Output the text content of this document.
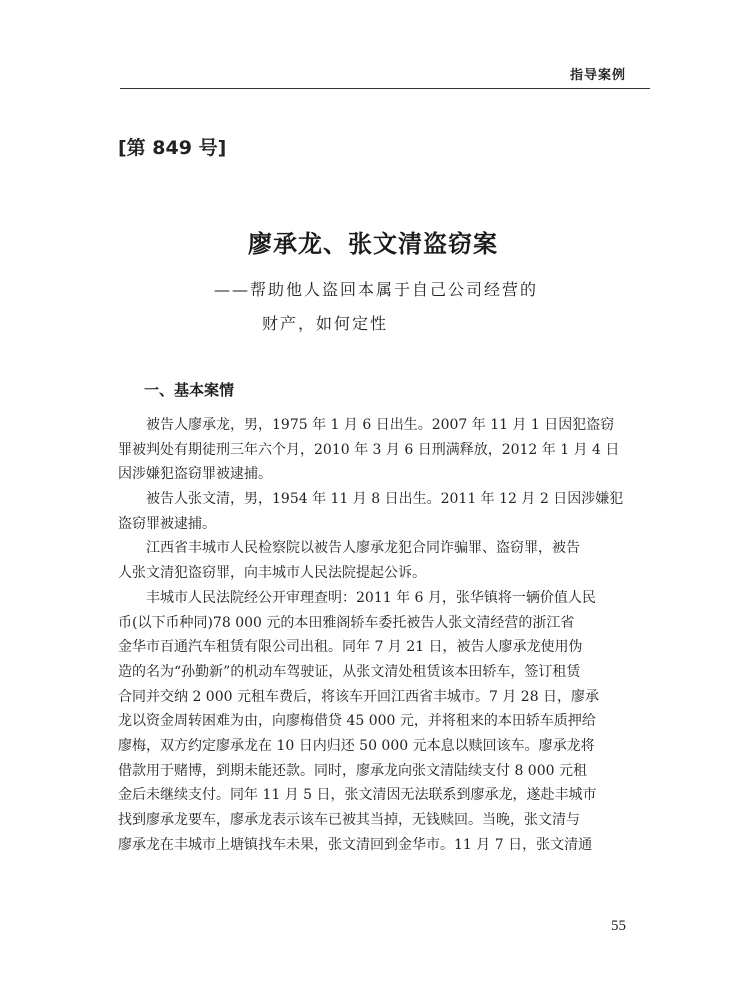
指导案例
[第 849 号]
廖承龙、张文清盗窃案
——帮助他人盗回本属于自己公司经营的
财产，如何定性
一、基本案情
被告人廖承龙，男，1975 年 1 月 6 日出生。2007 年 11 月 1 日因犯盗窃
罪被判处有期徒刑三年六个月，2010 年 3 月 6 日刑满释放，2012 年 1 月 4 日
因涉嫌犯盗窃罪被逮捕。
被告人张文清，男，1954 年 11 月 8 日出生。2011 年 12 月 2 日因涉嫌犯
盗窃罪被逮捕。
江西省丰城市人民检察院以被告人廖承龙犯合同诈骗罪、盗窃罪，被告
人张文清犯盗窃罪，向丰城市人民法院提起公诉。
丰城市人民法院经公开审理查明：2011 年 6 月，张华镇将一辆价值人民
币(以下币种同)78 000 元的本田雅阁轿车委托被告人张文清经营的浙江省
金华市百通汽车租赁有限公司出租。同年 7 月 21 日，被告人廖承龙使用伪
造的名为“孙勤新”的机动车驾驶证，从张文清处租赁该本田轿车，签订租赁
合同并交纳 2 000 元租车费后，将该车开回江西省丰城市。7 月 28 日，廖承
龙以资金周转困难为由，向廖梅借贷 45 000 元，并将租来的本田轿车质押给
廖梅，双方约定廖承龙在 10 日内归还 50 000 元本息以赎回该车。廖承龙将
借款用于赌博，到期未能还款。同时，廖承龙向张文清陆续支付 8 000 元租
金后未继续支付。同年 11 月 5 日，张文清因无法联系到廖承龙，遂赴丰城市
找到廖承龙要车，廖承龙表示该车已被其当掉，无钱赎回。当晚，张文清与
廖承龙在丰城市上塘镇找车未果，张文清回到金华市。11 月 7 日，张文清通
55
